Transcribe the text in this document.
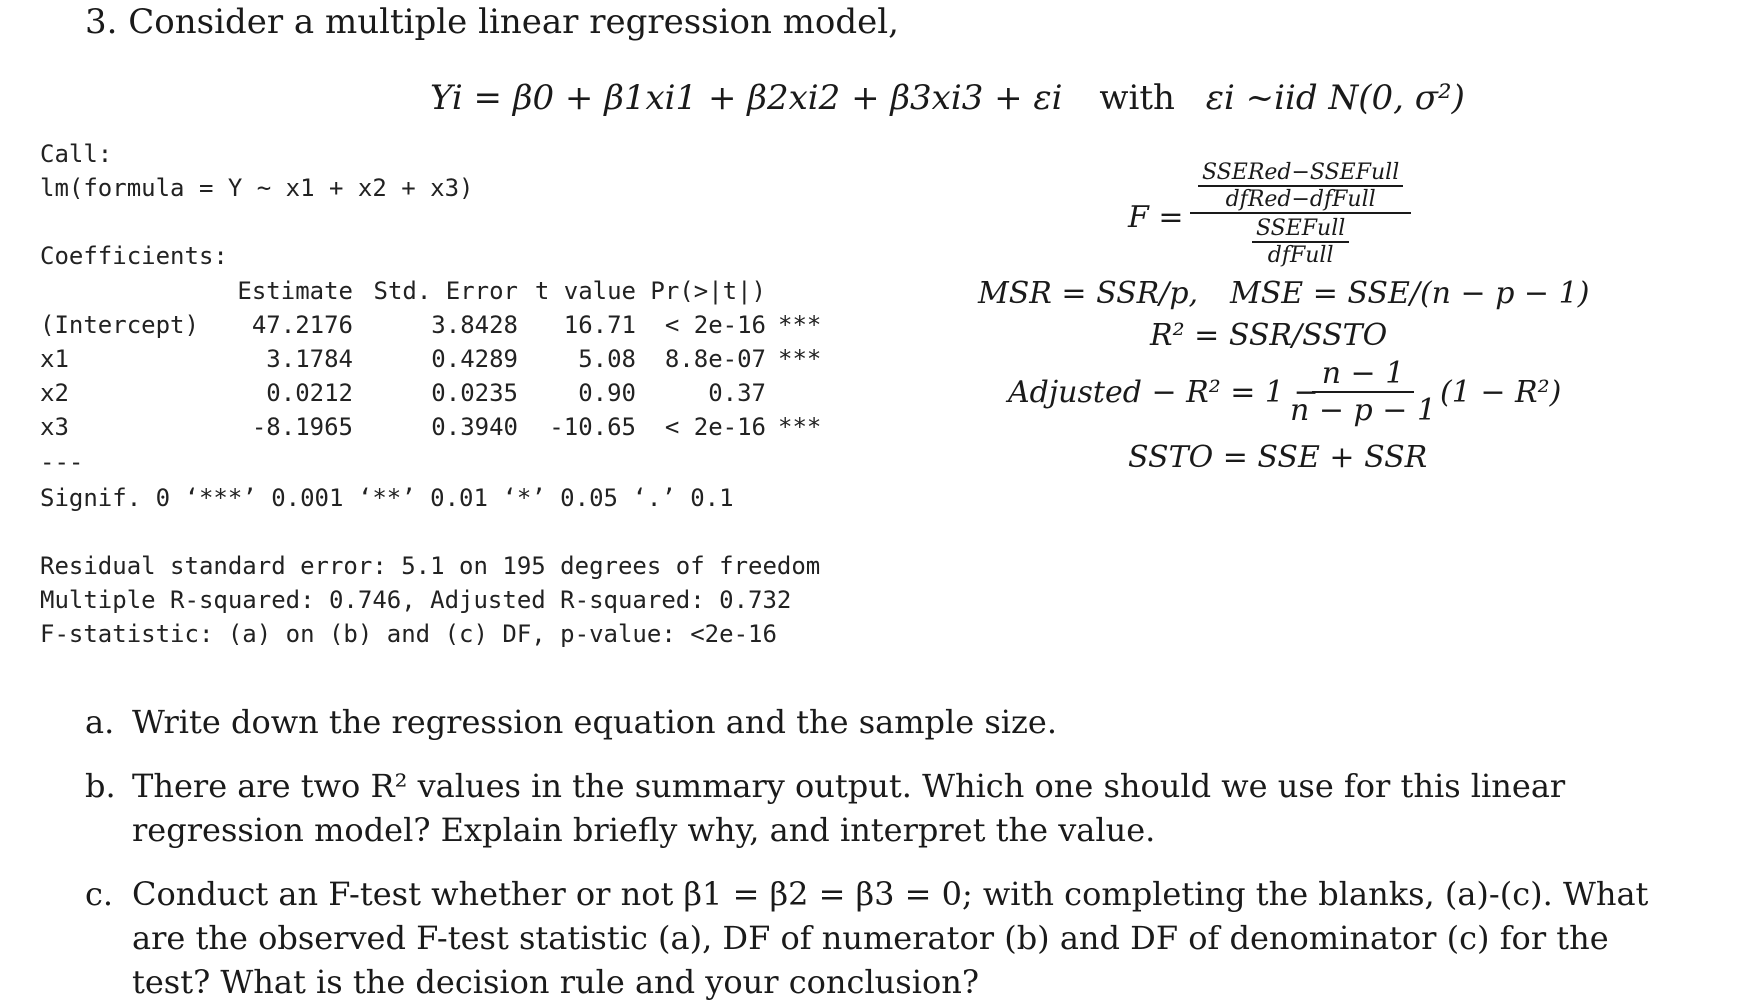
3. Consider a multiple linear regression model,
Yi = β0 + β1xi1 + β2xi2 + β3xi3 + εi with εi ~iid N(0, σ²)
Call:
lm(formula = Y ~ x1 + x2 + x3)
Coefficients:
	Estimate	Std. Error	t value	Pr(>|t|)	
(Intercept)	47.2176	3.8428	16.71	< 2e-16	***
x1	3.1784	0.4289	5.08	8.8e-07	***
x2	0.0212	0.0235	0.90	0.37	
x3	-8.1965	0.3940	-10.65	< 2e-16	***
---
Signif. 0 ‘***’ 0.001 ‘**’ 0.01 ‘*’ 0.05 ‘.’ 0.1
Residual standard error: 5.1 on 195 degrees of freedom
Multiple R-squared: 0.746, Adjusted R-squared: 0.732
F-statistic: (a) on (b) and (c) DF, p-value: <2e-16
$F = \frac{\frac{\text{SSERed−SSEFull}}{\text{dfRed−dfFull}}}{\frac{\text{SSEFull}}{\text{dfFull}}}$
MSR = SSR/p, MSE = SSE/(n − p − 1)
R² = SSR/SSTO
Adjusted − R² = 1 −
$\frac{n - 1}{n - p - 1} (1 - R^2)$
SSTO = SSE + SSR
a. Write down the regression equation and the sample size.
b. There are two R² values in the summary output. Which one should we use for this linear regression model? Explain briefly why, and interpret the value.
c. Conduct an F-test whether or not β1 = β2 = β3 = 0; with completing the blanks, (a)-(c). What are the observed F-test statistic (a), DF of numerator (b) and DF of denominator (c) for the test? What is the decision rule and your conclusion?
